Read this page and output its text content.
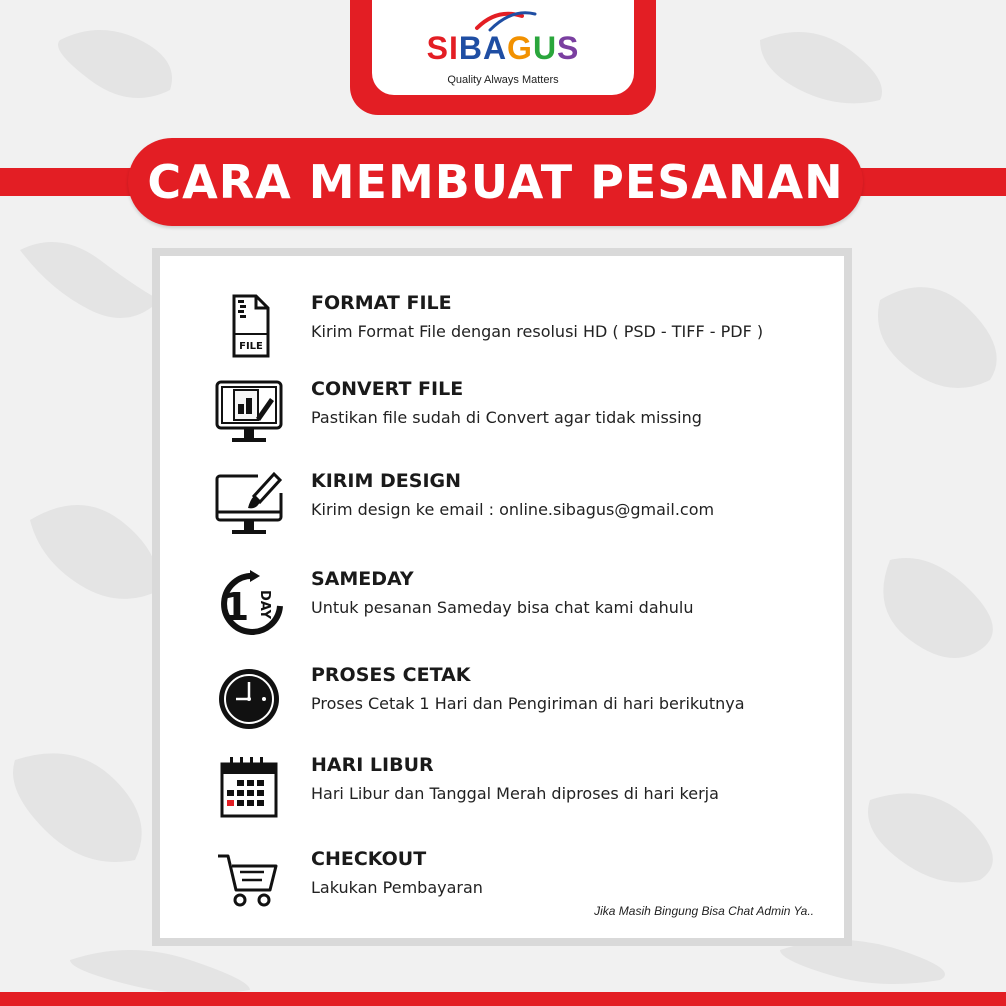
SIBAGUS
Quality Always Matters
CARA MEMBUAT PESANAN
FILE
FORMAT FILE
Kirim Format File dengan resolusi HD ( PSD - TIFF - PDF )
CONVERT FILE
Pastikan file sudah di Convert agar tidak missing
KIRIM DESIGN
Kirim design ke email : online.sibagus@gmail.com
1 DAY
SAMEDAY
Untuk pesanan Sameday bisa chat kami dahulu
PROSES CETAK
Proses Cetak 1 Hari dan Pengiriman di hari berikutnya
HARI LIBUR
Hari Libur dan Tanggal Merah diproses di hari kerja
CHECKOUT
Lakukan Pembayaran
Jika Masih Bingung Bisa Chat Admin Ya..
